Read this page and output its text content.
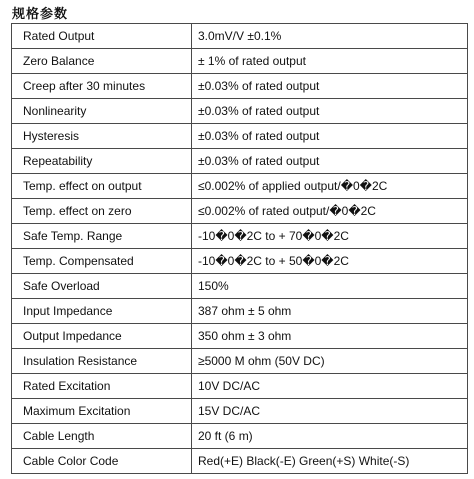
规格参数
Rated Output	3.0mV/V ±0.1%
Zero Balance	± 1% of rated output
Creep after 30 minutes	±0.03% of rated output
Nonlinearity	±0.03% of rated output
Hysteresis	±0.03% of rated output
Repeatability	±0.03% of rated output
Temp. effect on output	≤0.002% of applied output/�0�2C
Temp. effect on zero	≤0.002% of rated output/�0�2C
Safe Temp. Range	-10�0�2C to + 70�0�2C
Temp. Compensated	-10�0�2C to + 50�0�2C
Safe Overload	150%
Input Impedance	387 ohm ± 5 ohm
Output Impedance	350 ohm ± 3 ohm
Insulation Resistance	≥5000 M ohm (50V DC)
Rated Excitation	10V DC/AC
Maximum Excitation	15V DC/AC
Cable Length	20 ft (6 m)
Cable Color Code	Red(+E) Black(-E) Green(+S) White(-S)
